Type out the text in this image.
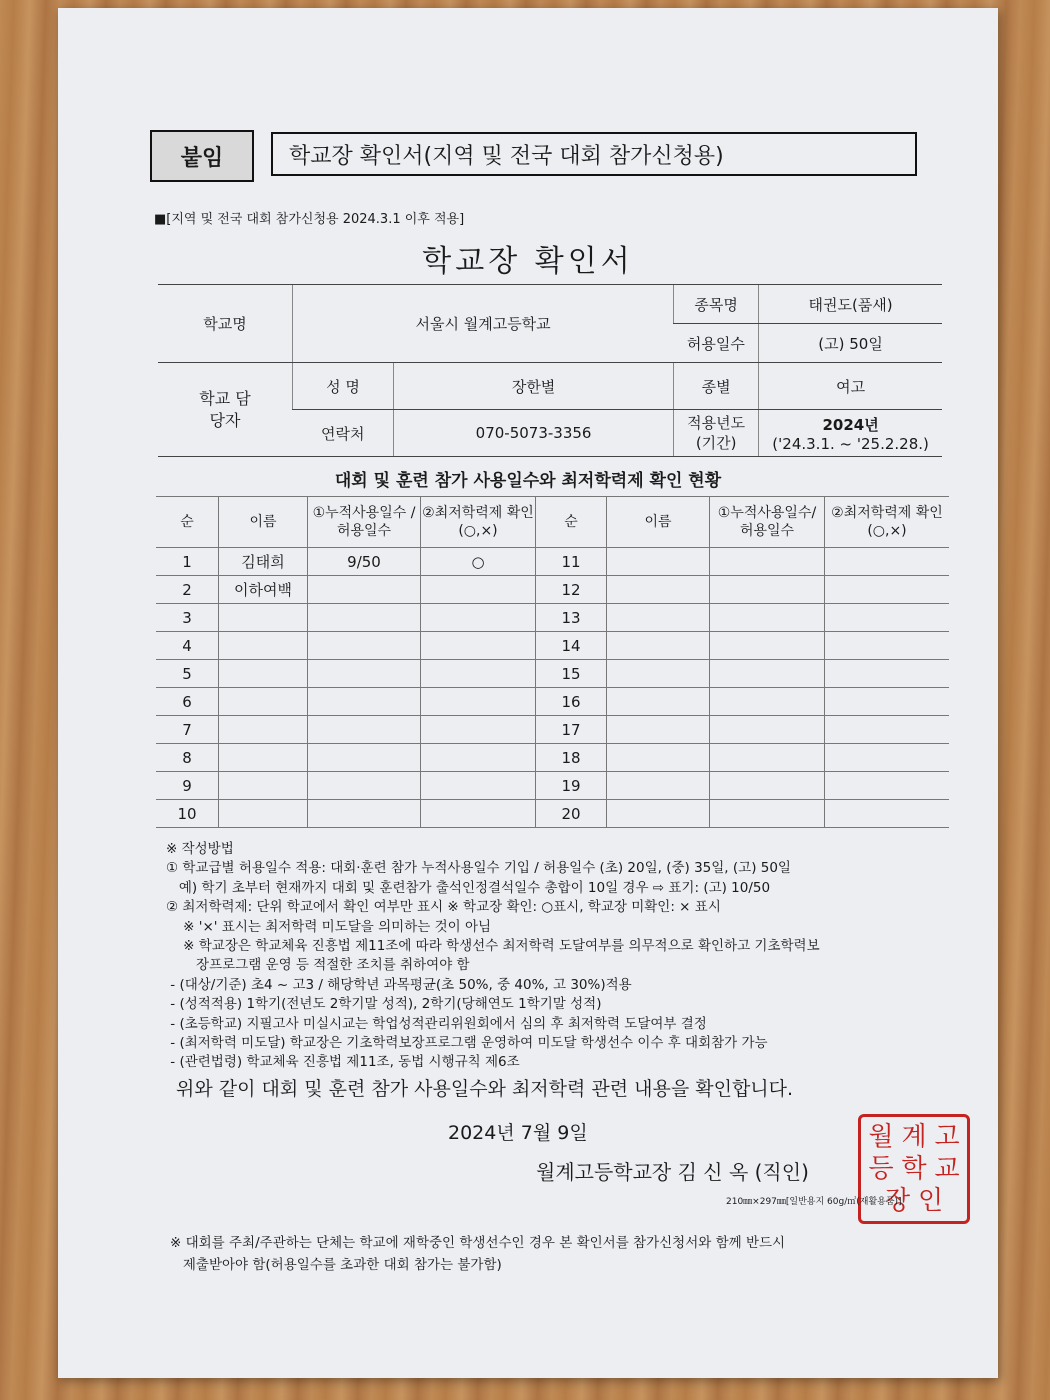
붙임	학교장 확인서(지역 및 전국 대회 참가신청용)
■[지역 및 전국 대회 참가신청용 2024.3.1 이후 적용]
학교장 확인서
학교명	서울시 월계고등학교		종목명	태권도(품새)
			허용일수	(고) 50일
학교 담당자	성 명	장한별	종별	여고
	연락처	070-5073-3356	적용년도 (기간)	2024년
('24.3.1. ~ '25.2.28.)
대회 및 훈련 참가 사용일수와 최저학력제 확인 현황
순	이름	①누적사용일수 /허용일수	②최저학력제 확인(○,×)	순	이름	①누적사용일수/ 허용일수	②최저학력제 확인(○,×)
1	김태희	9/50	○	11			
2	이하여백			12			
3				13			
4				14			
5				15			
6				16			
7				17			
8				18			
9				19			
10				20			
※ 작성방법
① 학교급별 허용일수 적용: 대회·훈련 참가 누적사용일수 기입 / 허용일수 (초) 20일, (중) 35일, (고) 50일
예) 학기 초부터 현재까지 대회 및 훈련참가 출석인정결석일수 총합이 10일 경우 ⇨ 표기: (고) 10/50
② 최저학력제: 단위 학교에서 확인 여부만 표시 ※ 학교장 확인: ○표시, 학교장 미확인: × 표시
※ '×' 표시는 최저학력 미도달을 의미하는 것이 아님
※ 학교장은 학교체육 진흥법 제11조에 따라 학생선수 최저학력 도달여부를 의무적으로 확인하고 기초학력보
장프로그램 운영 등 적절한 조치를 취하여야 함
- (대상/기준) 초4 ~ 고3 / 해당학년 과목평균(초 50%, 중 40%, 고 30%)적용
- (성적적용) 1학기(전년도 2학기말 성적), 2학기(당해연도 1학기말 성적)
- (초등학교) 지필고사 미실시교는 학업성적관리위원회에서 심의 후 최저학력 도달여부 결정
- (최저학력 미도달) 학교장은 기초학력보장프로그램 운영하여 미도달 학생선수 이수 후 대회참가 가능
- (관련법령) 학교체육 진흥법 제11조, 동법 시행규칙 제6조
위와 같이 대회 및 훈련 참가 사용일수와 최저학력 관련 내용을 확인합니다.
2024년 7월 9일
월계고등학교장 김 신 옥 (직인)
월 계 고
등 학 교
장 인
210㎜×297㎜[일반용지 60g/㎡(재활용품)]
※ 대회를 주최/주관하는 단체는 학교에 재학중인 학생선수인 경우 본 확인서를 참가신청서와 함께 반드시
제출받아야 함(허용일수를 초과한 대회 참가는 불가함)
